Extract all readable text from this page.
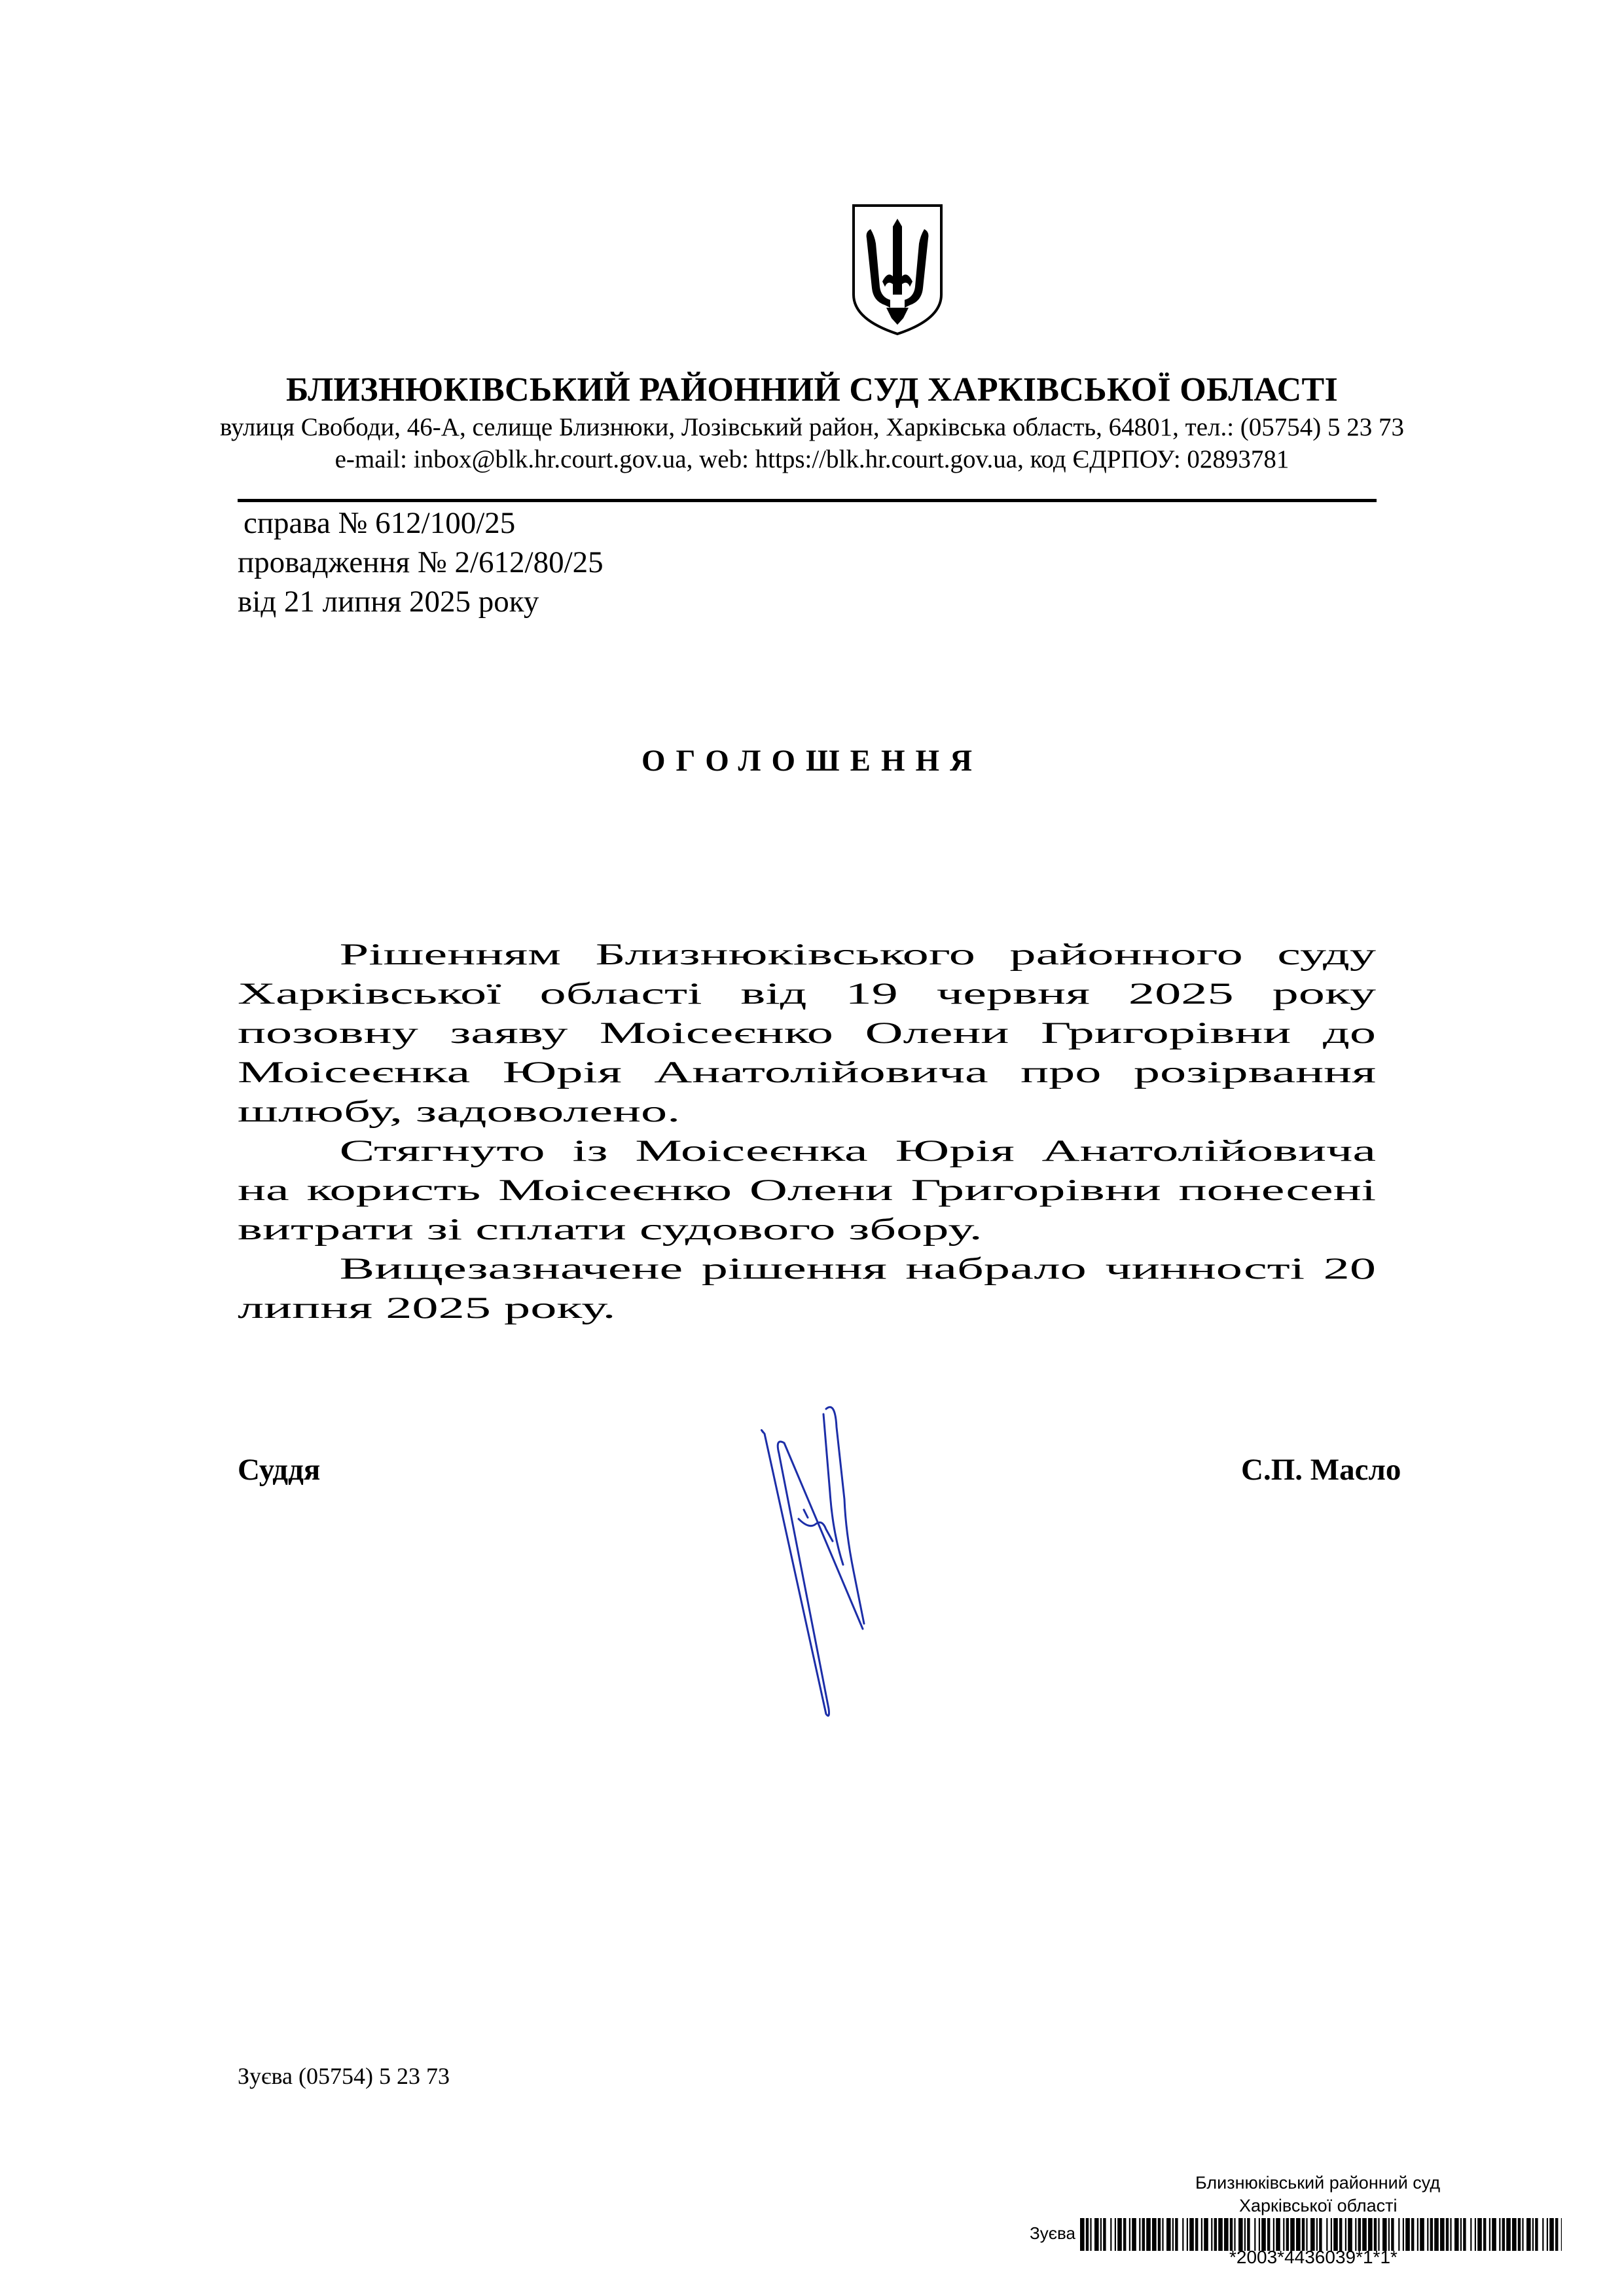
БЛИЗНЮКІВСЬКИЙ РАЙОННИЙ СУД ХАРКІВСЬКОЇ ОБЛАСТІ
вулиця Свободи, 46-А, селище Близнюки, Лозівський район, Харківська область, 64801, тел.: (05754) 5 23 73
e-mail: inbox@blk.hr.court.gov.ua, web: https://blk.hr.court.gov.ua, код ЄДРПОУ: 02893781
справа № 612/100/25
провадження № 2/612/80/25
від 21 липня 2025 року
ОГОЛОШЕННЯ

Рішенням Близнюківського районного суду Харківської області від 19 червня 2025 року позовну заяву Моісеєнко Олени Григорівни до Моісеєнка Юрія Анатолійовича про розірвання шлюбу, задоволено.

Стягнуто із Моісеєнка Юрія Анатолійовича на користь Моісеєнко Олени Григорівни понесені витрати зі сплати судового збору.

Вищезазначене рішення набрало чинності 20 липня 2025 року.

Суддя	С.П. Масло
Зуєва (05754) 5 23 73
Близнюківський районний суд
Харківської області
Зуєва
*2003*4436039*1*1*
